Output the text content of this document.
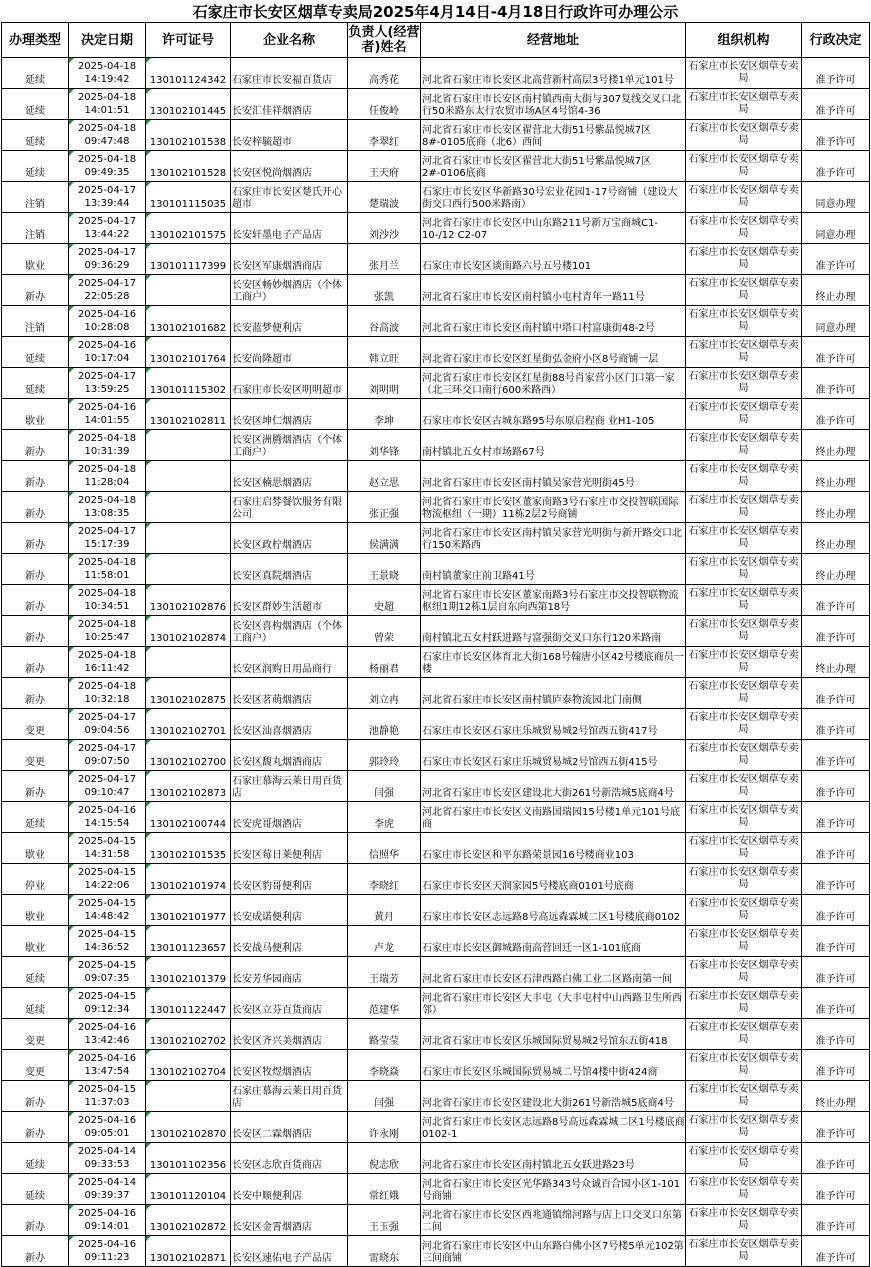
石家庄市长安区烟草专卖局2025年4月14日-4月18日行政许可办理公示
办理类型	决定日期	许可证号	企业名称	负责人(经营者)姓名	经营地址	组织机构	行政决定
延续	2025-04-18 14:19:42	130101124342	石家庄市长安福百货店	高秀花	河北省石家庄市长安区北高营新村高层3号楼1单元101号	石家庄市长安区烟草专卖局	准予许可
延续	2025-04-18 14:01:51	130102101445	长安汇佳祥烟酒店	任俊岭	河北省石家庄市长安区南村镇西南大街与307复线交叉口北行50米路东太行农贸市场A区4号馆4-36	石家庄市长安区烟草专卖局	准予许可
延续	2025-04-18 09:47:48	130102101538	长安梓毓超市	李翠红	河北省石家庄市长安区翟营北大街51号紫晶悦城7区8#-0105底商（北6）西间	石家庄市长安区烟草专卖局	准予许可
延续	2025-04-18 09:49:35	130102101528	长安区悦尚烟酒店	王天府	河北省石家庄市长安区翟营北大街51号紫晶悦城7区2#-0106底商	石家庄市长安区烟草专卖局	准予许可
注销	2025-04-17 13:39:44	130101115035	石家庄市长安区楚氏开心超市	楚瑞波	石家庄市长安区华新路30号宏业花园1-17号商铺（建设大街交口西行500米路南）	石家庄市长安区烟草专卖局	同意办理
注销	2025-04-17 13:44:22	130102101575	长安轩墨电子产品店	刘沙沙	河北省石家庄市长安区中山东路211号新万宝商城C1-10-/12 C2-07	石家庄市长安区烟草专卖局	同意办理
歇业	2025-04-17 09:36:29	130101117399	长安区军康烟酒商店	张月兰	石家庄市长安区谈南路六号五号楼101	石家庄市长安区烟草专卖局	准予许可
新办	2025-04-17 22:05:28		长安区畅妙烟酒店（个体工商户）	张凯	河北省石家庄市长安区南村镇小屯村青年一路11号	石家庄市长安区烟草专卖局	终止办理
注销	2025-04-16 10:28:08	130102101682	长安蓝梦便利店	谷高波	河北省石家庄市长安区南村镇中塔口村富康街48-2号	石家庄市长安区烟草专卖局	同意办理
延续	2025-04-16 10:17:04	130102101764	长安尚隆超市	韩立旺	河北省石家庄市长安区红星街弘金府小区8号商铺一层	石家庄市长安区烟草专卖局	准予许可
延续	2025-04-17 13:59:25	130101115302	石家庄市长安区明明超市	刘明明	河北省石家庄市长安区红星街88号肖家营小区门口第一家（北三环交口南行600米路西）	石家庄市长安区烟草专卖局	准予许可
歇业	2025-04-16 14:01:55	130102102811	长安区坤仁烟酒店	李坤	石家庄市长安区古城东路95号东原启程商 业H1-105	石家庄市长安区烟草专卖局	准予许可
新办	2025-04-18 10:31:39		长安区洲腾烟酒店（个体工商户）	刘华锋	南村镇北五女村市场路67号	石家庄市长安区烟草专卖局	终止办理
新办	2025-04-18 11:28:04		长安区楠思烟酒店	赵立思	河北省石家庄市长安区南村镇吴家营光明街45号	石家庄市长安区烟草专卖局	终止办理
新办	2025-04-18 13:08:35		石家庄启棼餐饮服务有限公司	张正强	河北省石家庄市长安区董家南路3号石家庄市交投智联国际物流枢纽（一期）11栋2层2号商铺	石家庄市长安区烟草专卖局	终止办理
新办	2025-04-17 15:17:39		长安区政柠烟酒店	侯满满	河北省石家庄市长安区南村镇吴家营光明街与新开路交口北行150米路西	石家庄市长安区烟草专卖局	终止办理
新办	2025-04-18 11:58:01		长安区真院烟酒店	王景晓	南村镇董家庄前卫路41号	石家庄市长安区烟草专卖局	终止办理
新办	2025-04-18 10:34:51	130102102876	长安区群妙生活超市	史超	河北省石家庄市长安区董家南路3号石家庄市交投智联物流枢纽1期12栋1层自东向西第18号	石家庄市长安区烟草专卖局	准予许可
新办	2025-04-18 10:25:47	130102102874	长安区喜构烟酒店（个体工商户）	曾荣	南村镇北五女村跃进路与富强街交叉口东行120米路南	石家庄市长安区烟草专卖局	准予许可
新办	2025-04-18 16:11:42		长安区润购日用品商行	杨丽君	石家庄市长安区体育北大街168号翰唐小区42号楼底商员一楼	石家庄市长安区烟草专卖局	终止办理
新办	2025-04-18 10:32:18	130102102875	长安区茗萌烟酒店	刘立冉	河北省石家庄市长安区南村镇庐泰物流园北门南侧	石家庄市长安区烟草专卖局	准予许可
变更	2025-04-17 09:04:56	130102102701	长安区汕喜烟酒店	池静艳	石家庄市长安区石家庄乐城贸易城2号馆西五街417号	石家庄市长安区烟草专卖局	准予许可
变更	2025-04-17 09:07:50	130102102700	长安区馥丸烟酒商店	郭玲玲	石家庄市长安区石家庄乐城贸易城2号馆西五街415号	石家庄市长安区烟草专卖局	准予许可
新办	2025-04-17 09:10:47	130102102873	石家庄慕海云莱日用百货店	闫强	河北省石家庄市长安区建设北大街261号新浩城5底商4号	石家庄市长安区烟草专卖局	准予许可
延续	2025-04-16 14:15:54	130102100744	长安虎哥烟酒店	李虎	河北省石家庄市长安区义南路国瑞园15号楼1单元101号底商	石家庄市长安区烟草专卖局	准予许可
歇业	2025-04-15 14:31:58	130102101535	长安区莓日莱便利店	信照华	石家庄市长安区和平东路荣景园16号楼商业103	石家庄市长安区烟草专卖局	准予许可
停业	2025-04-15 14:22:06	130102101974	长安区豹哥便利店	李晓红	石家庄市长安区天润家园5号楼底商0101号底商	石家庄市长安区烟草专卖局	准予许可
歇业	2025-04-15 14:48:42	130102101977	长安成诺便利店	黄月	石家庄市长安区志远路8号高远森霖城二区1号楼底商0102	石家庄市长安区烟草专卖局	准予许可
歇业	2025-04-15 14:36:52	130101123657	长安战马便利店	卢龙	石家庄市长安区御城路南高营回迁一区1-101底商	石家庄市长安区烟草专卖局	准予许可
延续	2025-04-15 09:07:35	130102101379	长安芳华园商店	王瑞芳	河北省石家庄市长安区石津西路白佛工业二区路南第一间	石家庄市长安区烟草专卖局	准予许可
延续	2025-04-15 09:12:34	130101122447	长安区立芬百货商店	范建华	河北省石家庄市长安区大丰屯（大丰屯村中山西路卫生所西邻）	石家庄市长安区烟草专卖局	准予许可
变更	2025-04-16 13:42:46	130102102702	长安区齐兴美烟酒店	路莹莹	河北省石家庄市长安区乐城国际贸易城2号馆东五街418	石家庄市长安区烟草专卖局	准予许可
变更	2025-04-16 13:47:54	130102102704	长安区牧煜烟酒店	李晓焱	石家庄市长安区乐城国际贸易城二号馆4楼中街424商	石家庄市长安区烟草专卖局	准予许可
新办	2025-04-15 11:37:03		石家庄慕海云莱日用百货店	闫强	河北省石家庄市长安区建设北大街261号新浩城5底商4号	石家庄市长安区烟草专卖局	终止办理
新办	2025-04-16 09:05:01	130102102870	长安区二霖烟酒店	许永刚	河北省石家庄市长安区志远路8号高远森霖城二区1号楼底商0102-1	石家庄市长安区烟草专卖局	准予许可
延续	2025-04-14 09:33:53	130101102356	长安区志欣百货商店	倪志欣	河北省石家庄市长安区南村镇北五女跃进路23号	石家庄市长安区烟草专卖局	准予许可
延续	2025-04-14 09:39:37	130101120104	长安中顺便利店	常红娥	河北省石家庄市长安区光华路343号众诚百合园小区1-101号商铺	石家庄市长安区烟草专卖局	准予许可
新办	2025-04-16 09:14:01	130102102872	长安区金霄烟酒店	王玉强	河北省石家庄市长安区西兆通镇绵河路与店上口交叉口东第二间	石家庄市长安区烟草专卖局	准予许可
新办	2025-04-16 09:11:23	130102102871	长安区速佑电子产品店	雷晓东	河北省石家庄市长安区中山东路白佛小区7号楼5单元102第三间商铺	石家庄市长安区烟草专卖局	准予许可
